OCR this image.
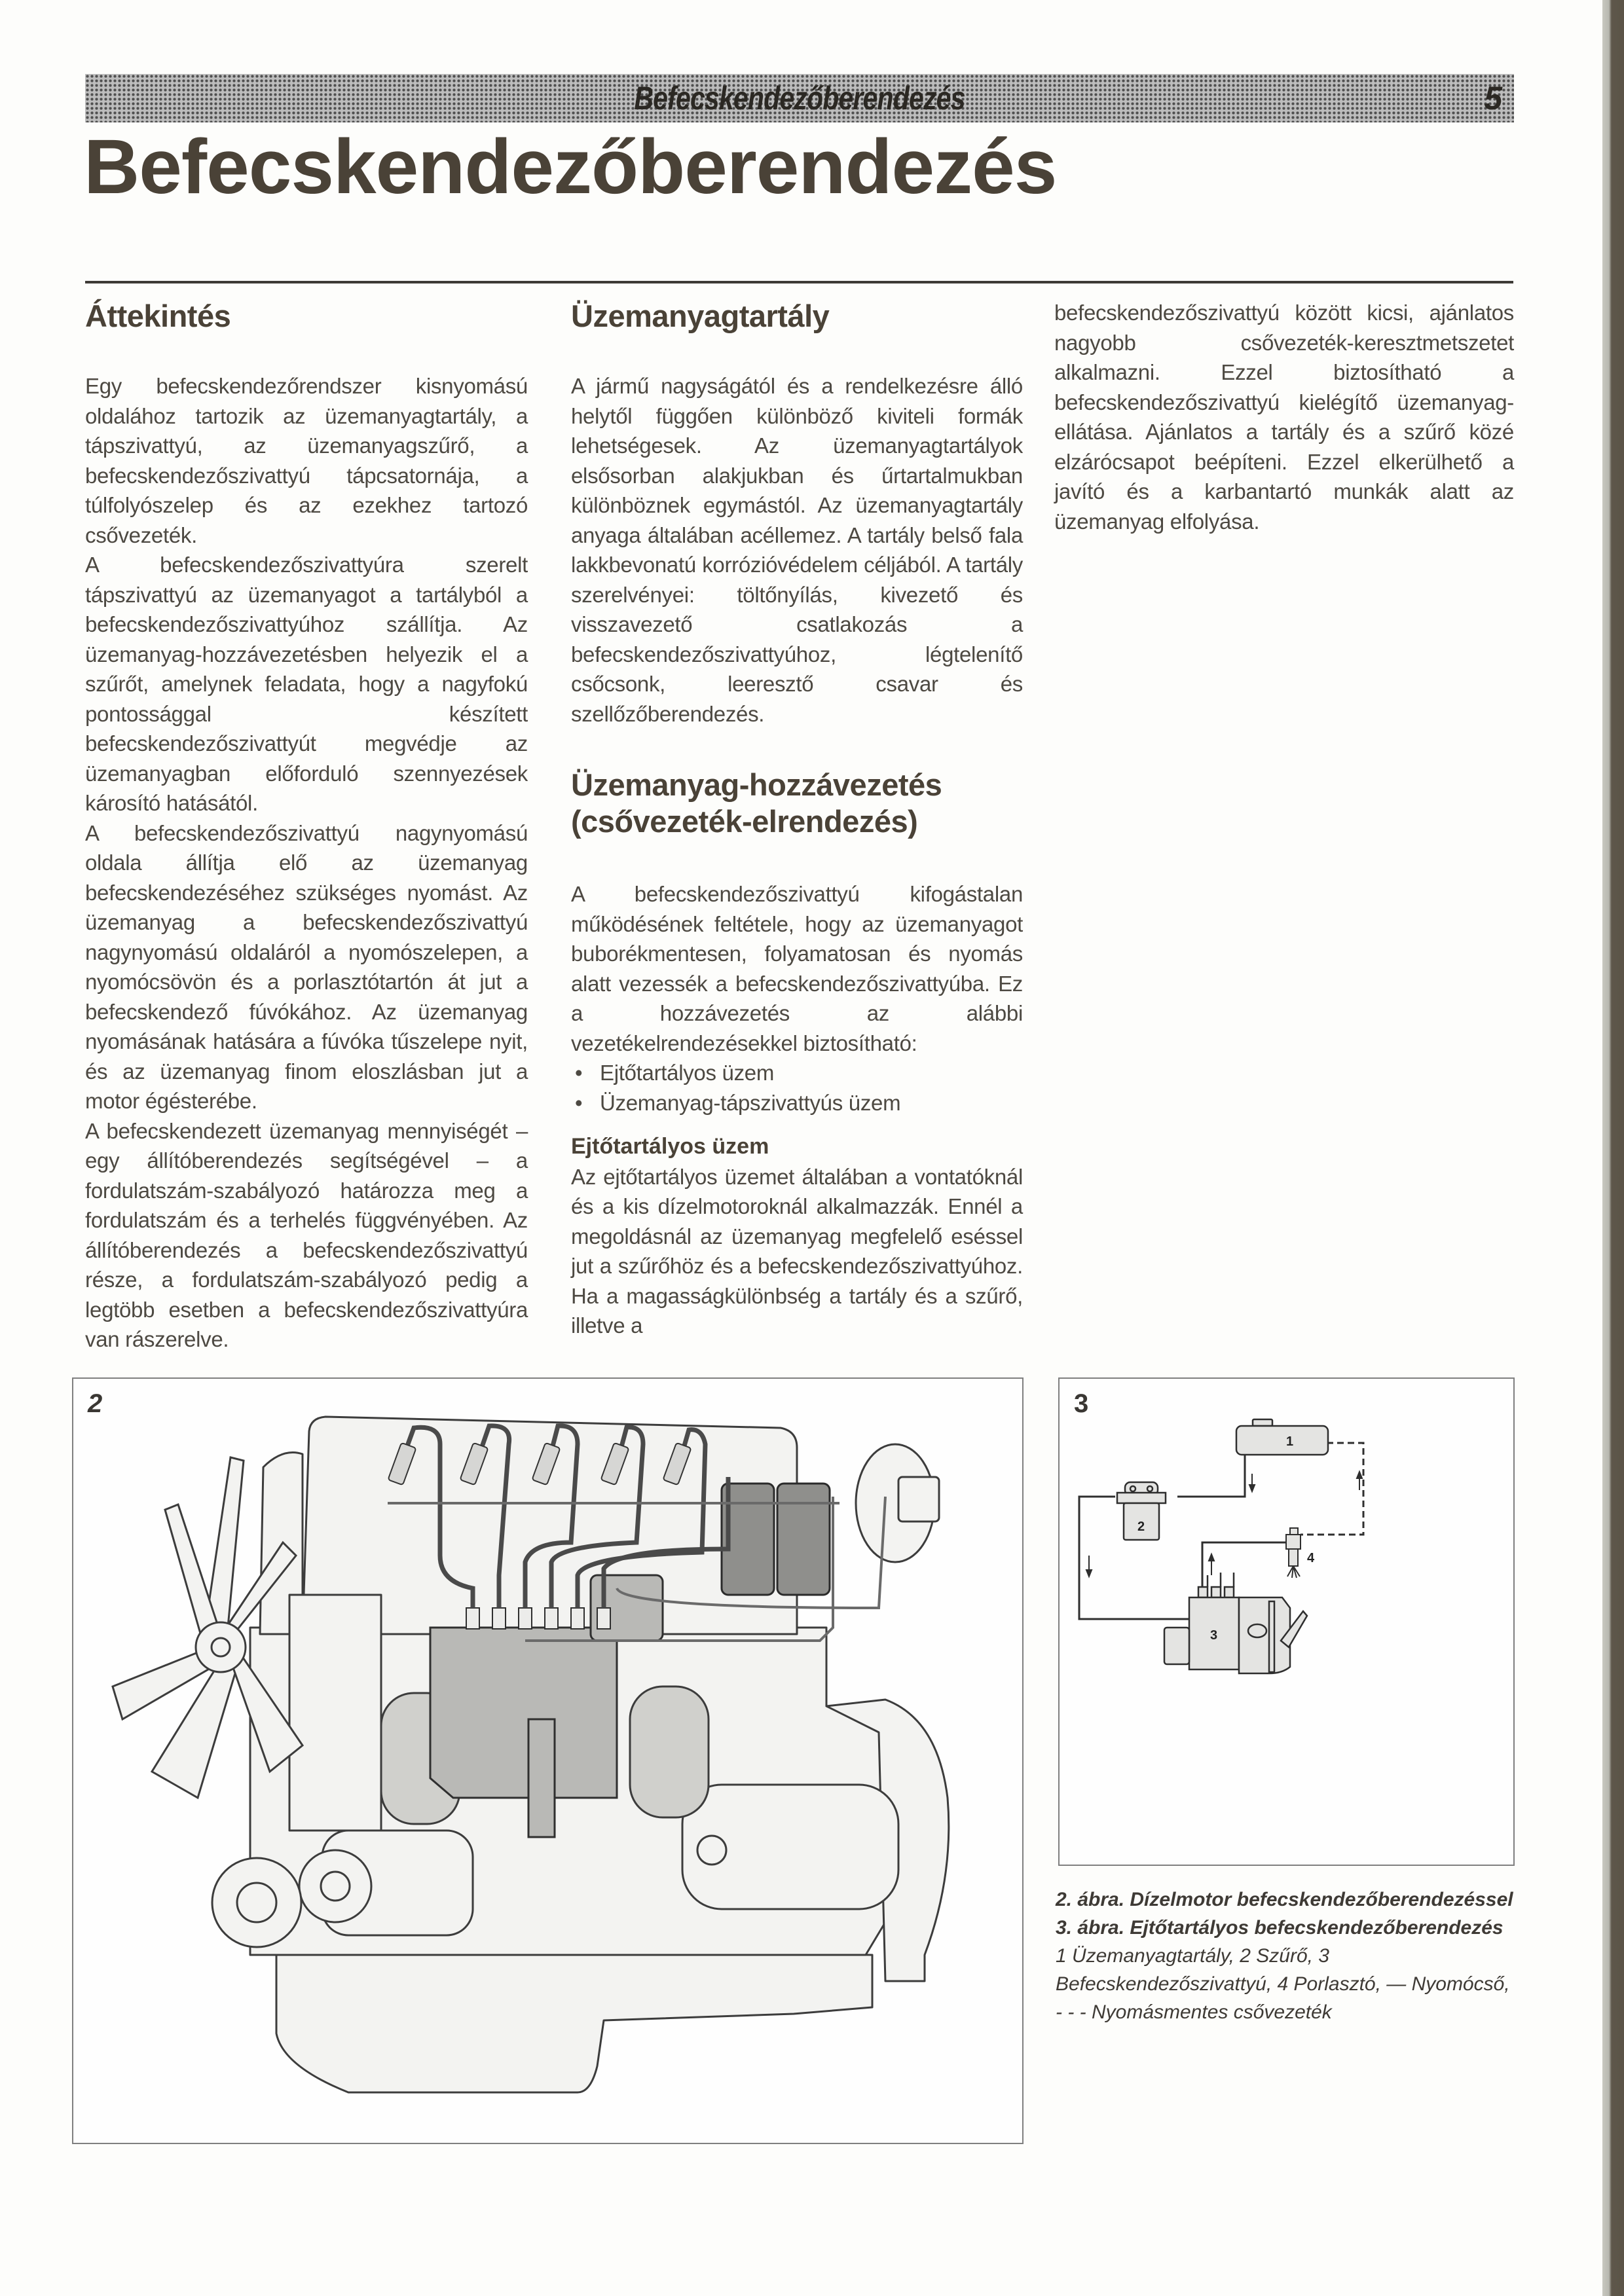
Befecskendezőberendezés	5
Befecskendezőberendezés
Áttekintés

Egy befecskendezőrendszer kisnyomású oldalához tartozik az üzemanyagtartály, a tápszivattyú, az üzemanyagszűrő, a befecskendezőszivattyú tápcsatornája, a túlfolyószelep és az ezekhez tartozó csővezeték.

A befecskendezőszivattyúra szerelt tápszivattyú az üzemanyagot a tartályból a befecskendezőszivattyúhoz szállítja. Az üzemanyag-hozzávezetésben helyezik el a szűrőt, amelynek feladata, hogy a nagyfokú pontossággal készített befecskendezőszivattyút megvédje az üzemanyagban előforduló szennyezések károsító hatásától.

A befecskendezőszivattyú nagynyomású oldala állítja elő az üzemanyag befecskendezéséhez szükséges nyomást. Az üzemanyag a befecskendezőszivattyú nagynyomású oldaláról a nyomószelepen, a nyomócsövön és a porlasztótartón át jut a befecskendező fúvókához. Az üzemanyag nyomásának hatására a fúvóka tűszelepe nyit, és az üzemanyag finom eloszlásban jut a motor égésterébe.

A befecskendezett üzemanyag mennyiségét – egy állítóberendezés segítségével – a fordulatszám-szabályozó határozza meg a fordulatszám és a terhelés függvényében. Az állítóberendezés a befecskendezőszivattyú része, a fordulatszám-szabályozó pedig a legtöbb esetben a befecskendezőszivattyúra van rászerelve.

Üzemanyagtartály

A jármű nagyságától és a rendelkezésre álló helytől függően különböző kiviteli formák lehetségesek. Az üzemanyagtartályok elsősorban alakjukban és űrtartalmukban különböznek egymástól. Az üzemanyagtartály anyaga általában acéllemez. A tartály belső fala lakkbevonatú korrózióvédelem céljából. A tartály szerelvényei: töltőnyílás, kivezető és visszavezető csatlakozás a befecskendezőszivattyúhoz, légtelenítő csőcsonk, leeresztő csavar és szellőzőberendezés.

Üzemanyag-hozzávezetés
(csővezeték-elrendezés)

A befecskendezőszivattyú kifogástalan működésének feltétele, hogy az üzemanyagot buborékmentesen, folyamatosan és nyomás alatt vezessék a befecskendezőszivattyúba. Ez a hozzávezetés az alábbi vezetékelrendezésekkel biztosítható:

• Ejtőtartályos üzem
• Üzemanyag-tápszivattyús üzem
Ejtőtartályos üzem

Az ejtőtartályos üzemet általában a vontatóknál és a kis dízelmotoroknál alkalmazzák. Ennél a megoldásnál az üzemanyag megfelelő eséssel jut a szűrőhöz és a befecskendezőszivattyúhoz. Ha a magasságkülönbség a tartály és a szűrő, illetve a

befecskendezőszivattyú között kicsi, ajánlatos nagyobb csővezeték-keresztmetszetet alkalmazni. Ezzel biztosítható a befecskendezőszivattyú kielégítő üzemanyag-ellátása. Ajánlatos a tartály és a szűrő közé elzárócsapot beépíteni. Ezzel elkerülhető a javító és a karbantartó munkák alatt az üzemanyag elfolyása.

2	3
1
2
4
3
2. ábra. Dízelmotor befecskendezőberendezéssel
3. ábra. Ejtőtartályos befecskendezőberendezés
1 Üzemanyagtartály, 2 Szűrő, 3 Befecskendezőszivattyú, 4 Porlasztó, — Nyomócső, - - - Nyomásmentes csővezeték
